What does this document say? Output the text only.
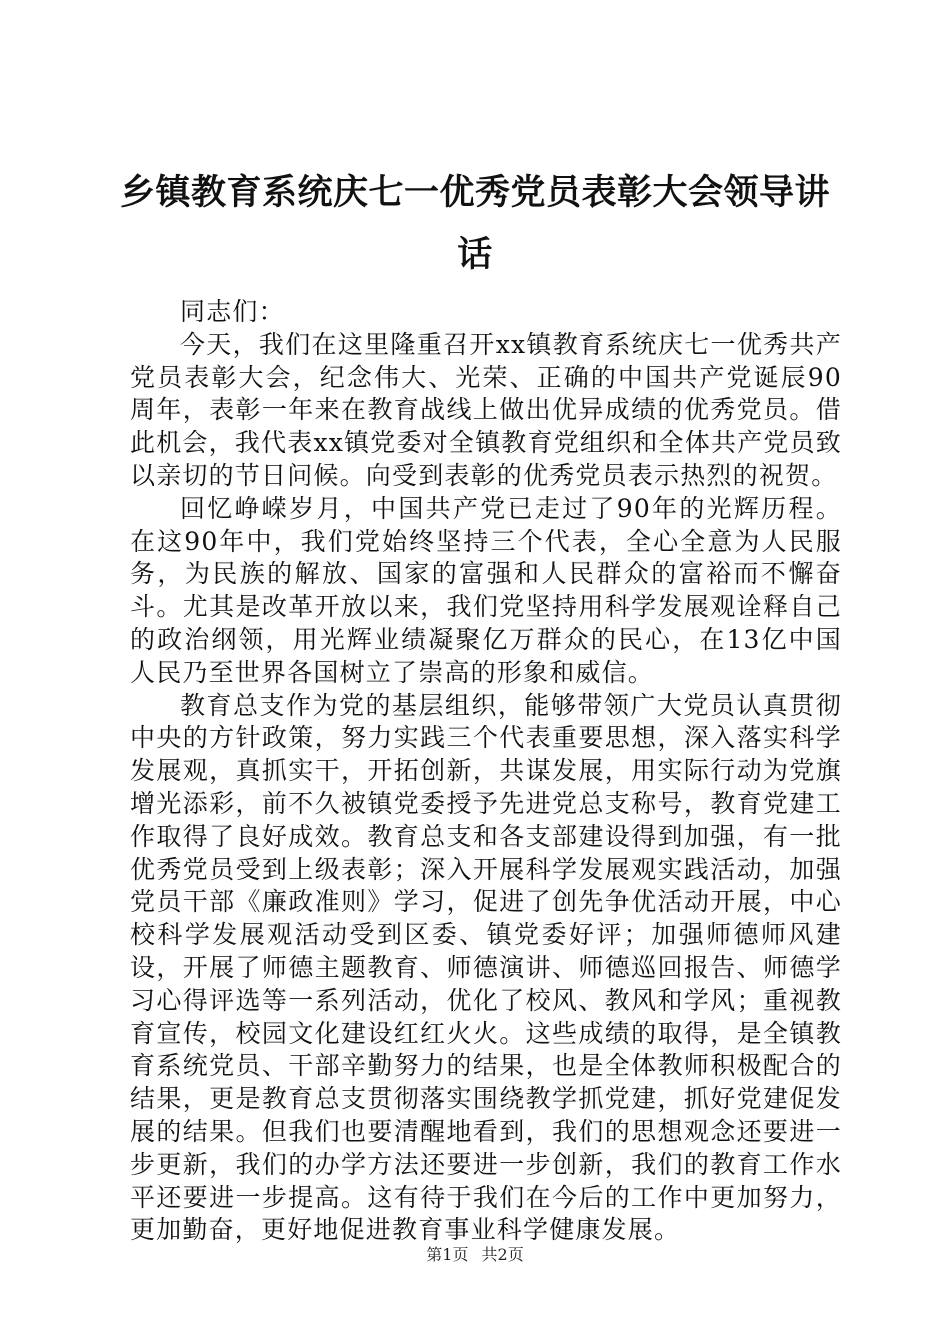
乡镇教育系统庆七一优秀党员表彰大会领导讲话

同志们：

今天，我们在这里隆重召开xx镇教育系统庆七一优秀共产党员表彰大会，纪念伟大、光荣、正确的中国共产党诞辰90周年，表彰一年来在教育战线上做出优异成绩的优秀党员。借此机会，我代表xx镇党委对全镇教育党组织和全体共产党员致以亲切的节日问候。向受到表彰的优秀党员表示热烈的祝贺。

回忆峥嵘岁月，中国共产党已走过了90年的光辉历程。在这90年中，我们党始终坚持三个代表，全心全意为人民服务，为民族的解放、国家的富强和人民群众的富裕而不懈奋斗。尤其是改革开放以来，我们党坚持用科学发展观诠释自己的政治纲领，用光辉业绩凝聚亿万群众的民心，在13亿中国人民乃至世界各国树立了崇高的形象和威信。

教育总支作为党的基层组织，能够带领广大党员认真贯彻中央的方针政策，努力实践三个代表重要思想，深入落实科学发展观，真抓实干，开拓创新，共谋发展，用实际行动为党旗增光添彩，前不久被镇党委授予先进党总支称号，教育党建工作取得了良好成效。教育总支和各支部建设得到加强，有一批优秀党员受到上级表彰；深入开展科学发展观实践活动，加强党员干部《廉政准则》学习，促进了创先争优活动开展，中心校科学发展观活动受到区委、镇党委好评；加强师德师风建设，开展了师德主题教育、师德演讲、师德巡回报告、师德学习心得评选等一系列活动，优化了校风、教风和学风；重视教育宣传，校园文化建设红红火火。这些成绩的取得，是全镇教育系统党员、干部辛勤努力的结果，也是全体教师积极配合的结果，更是教育总支贯彻落实围绕教学抓党建，抓好党建促发展的结果。但我们也要清醒地看到，我们的思想观念还要进一步更新，我们的办学方法还要进一步创新，我们的教育工作水平还要进一步提高。这有待于我们在今后的工作中更加努力，更加勤奋，更好地促进教育事业科学健康发展。

第1页 共2页
